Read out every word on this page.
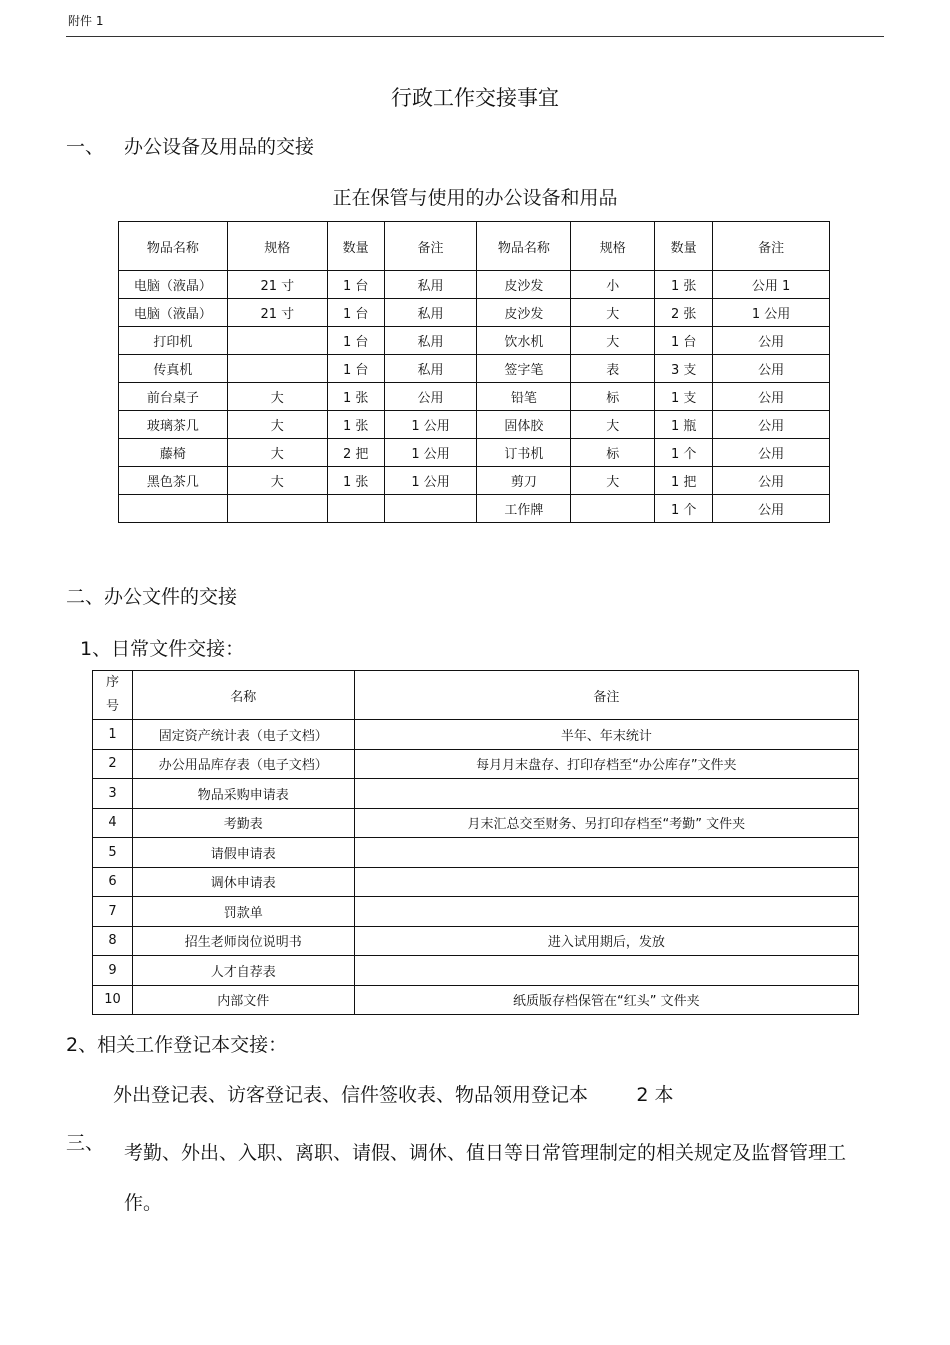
附件 1
行政工作交接事宜
一、 办公设备及用品的交接
正在保管与使用的办公设备和用品
物品名称	规格	数量	备注	物品名称	规格	数量	备注
电脑（液晶）	21 寸	1 台	私用	皮沙发	小	1 张	公用 1
电脑（液晶）	21 寸	1 台	私用	皮沙发	大	2 张	1 公用
打印机		1 台	私用	饮水机	大	1 台	公用
传真机		1 台	私用	签字笔	表	3 支	公用
前台桌子	大	1 张	公用	铅笔	标	1 支	公用
玻璃茶几	大	1 张	1 公用	固体胶	大	1 瓶	公用
藤椅	大	2 把	1 公用	订书机	标	1 个	公用
黑色茶几	大	1 张	1 公用	剪刀	大	1 把	公用
				工作牌		1 个	公用
二、办公文件的交接
1、日常文件交接：
序
号	名称	备注
1	固定资产统计表（电子文档）	半年、年末统计
2	办公用品库存表（电子文档）	每月月末盘存、打印存档至“办公库存”文件夹
3	物品采购申请表	
4	考勤表	月末汇总交至财务、另打印存档至“考勤” 文件夹
5	请假申请表	
6	调休申请表	
7	罚款单	
8	招生老师岗位说明书	进入试用期后，发放
9	人才自荐表	
10	内部文件	纸质版存档保管在“红头” 文件夹
2、相关工作登记本交接：
外出登记表、访客登记表、信件签收表、物品领用登记本        2 本
三、 考勤、外出、入职、离职、请假、调休、值日等日常管理制定的相关规定及监督管理工作。
